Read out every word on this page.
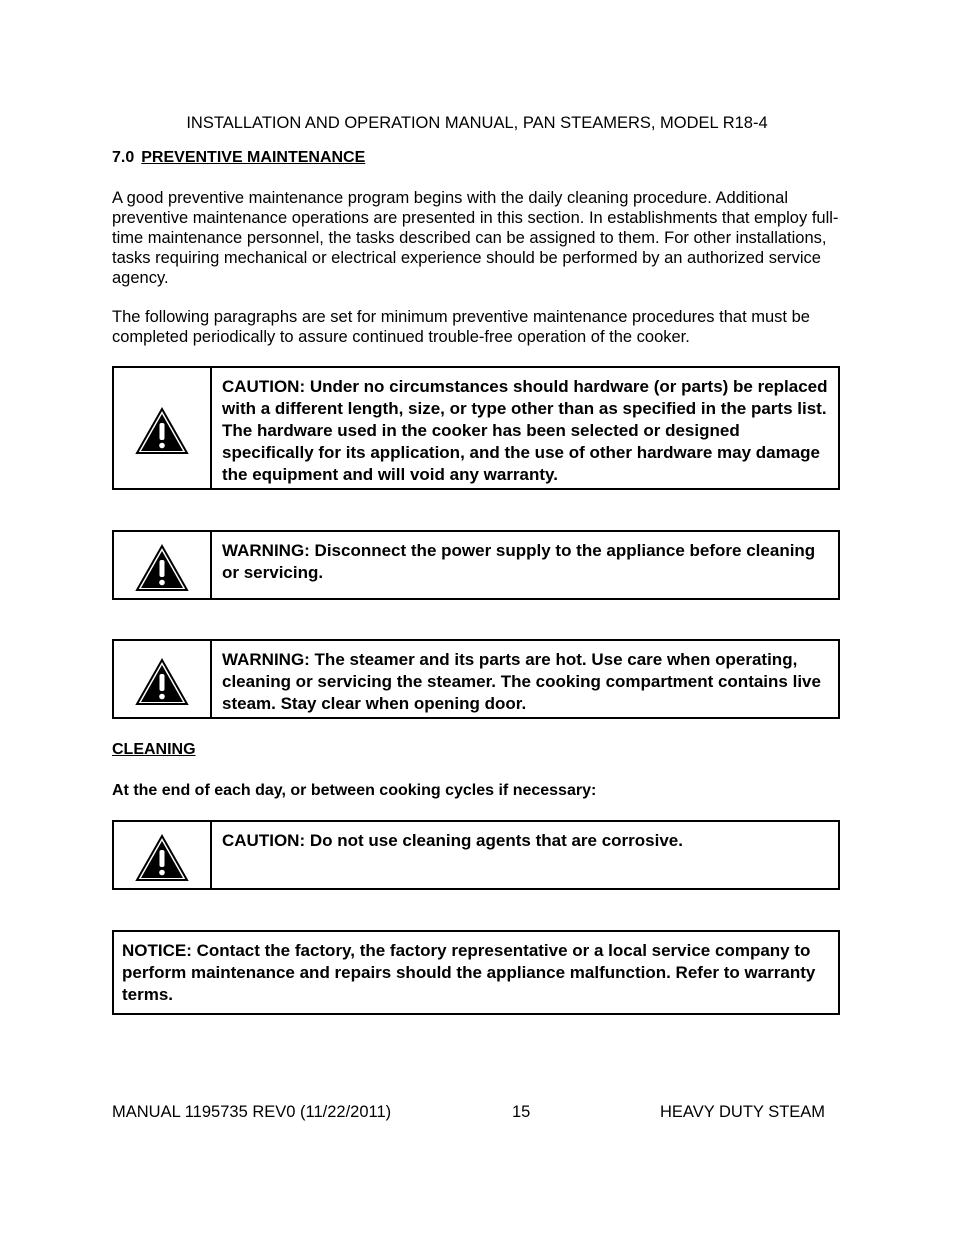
INSTALLATION AND OPERATION MANUAL, PAN STEAMERS, MODEL R18-4
7.0 PREVENTIVE MAINTENANCE
A good preventive maintenance program begins with the daily cleaning procedure. Additional preventive maintenance operations are presented in this section. In establishments that employ full-time maintenance personnel, the tasks described can be assigned to them. For other installations, tasks requiring mechanical or electrical experience should be performed by an authorized service agency.
The following paragraphs are set for minimum preventive maintenance procedures that must be completed periodically to assure continued trouble-free operation of the cooker.
CAUTION: Under no circumstances should hardware (or parts) be replaced with a different length, size, or type other than as specified in the parts list. The hardware used in the cooker has been selected or designed specifically for its application, and the use of other hardware may damage the equipment and will void any warranty.
WARNING: Disconnect the power supply to the appliance before cleaning or servicing.
WARNING: The steamer and its parts are hot. Use care when operating, cleaning or servicing the steamer. The cooking compartment contains live steam. Stay clear when opening door.
CLEANING
At the end of each day, or between cooking cycles if necessary:
CAUTION: Do not use cleaning agents that are corrosive.
NOTICE: Contact the factory, the factory representative or a local service company to perform maintenance and repairs should the appliance malfunction. Refer to warranty terms.
MANUAL 1195735 REV0 (11/22/2011)	15	HEAVY DUTY STEAM
